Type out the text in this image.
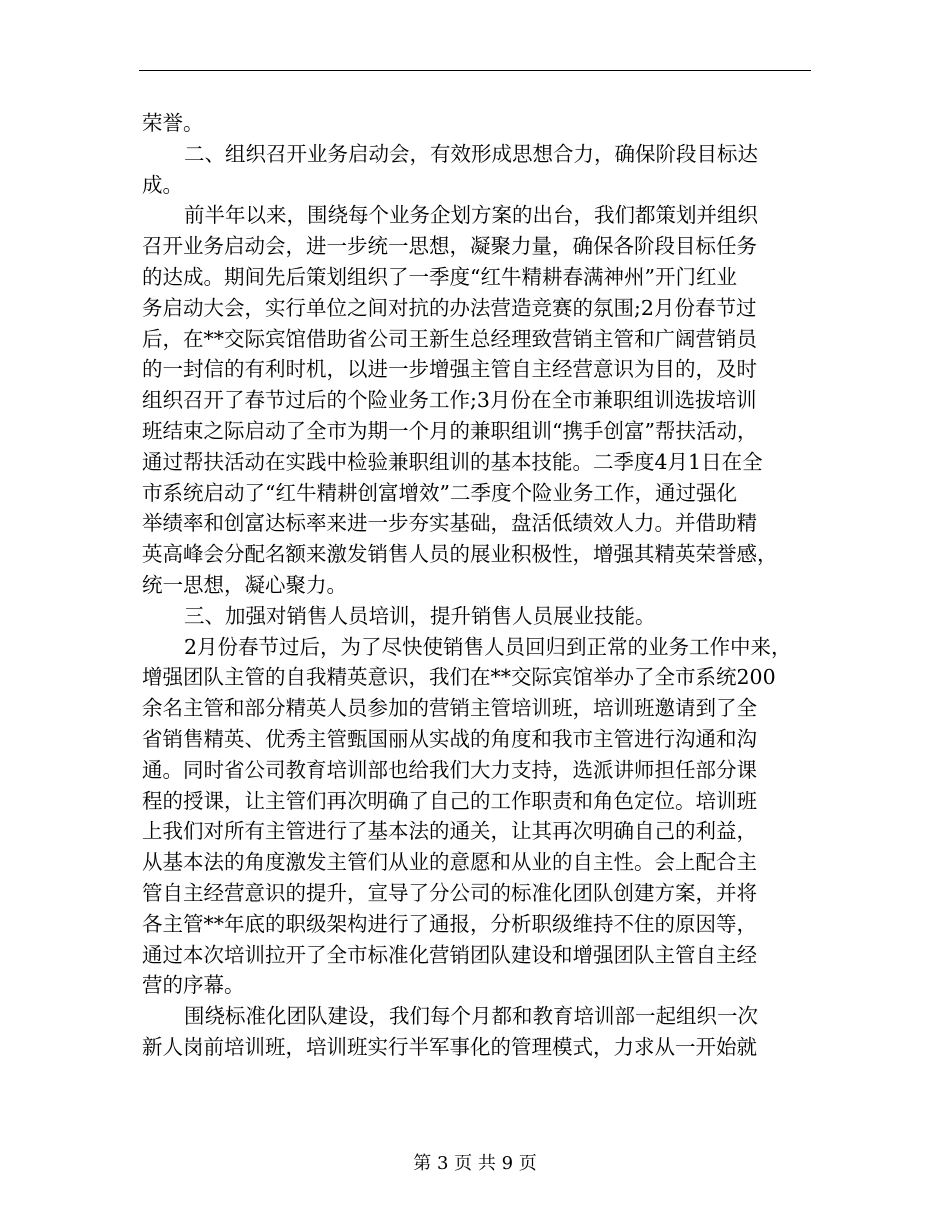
荣誉。
二、组织召开业务启动会，有效形成思想合力，确保阶段目标达
成。
前半年以来，围绕每个业务企划方案的出台，我们都策划并组织
召开业务启动会，进一步统一思想，凝聚力量，确保各阶段目标任务
的达成。期间先后策划组织了一季度“红牛精耕春满神州”开门红业
务启动大会，实行单位之间对抗的办法营造竞赛的氛围;2月份春节过
后，在**交际宾馆借助省公司王新生总经理致营销主管和广阔营销员
的一封信的有利时机，以进一步增强主管自主经营意识为目的，及时
组织召开了春节过后的个险业务工作;3月份在全市兼职组训选拔培训
班结束之际启动了全市为期一个月的兼职组训“携手创富”帮扶活动，
通过帮扶活动在实践中检验兼职组训的基本技能。二季度4月1日在全
市系统启动了“红牛精耕创富增效”二季度个险业务工作，通过强化
举绩率和创富达标率来进一步夯实基础，盘活低绩效人力。并借助精
英高峰会分配名额来激发销售人员的展业积极性，增强其精英荣誉感，
统一思想，凝心聚力。
三、加强对销售人员培训，提升销售人员展业技能。
2月份春节过后，为了尽快使销售人员回归到正常的业务工作中来，
增强团队主管的自我精英意识，我们在**交际宾馆举办了全市系统200
余名主管和部分精英人员参加的营销主管培训班，培训班邀请到了全
省销售精英、优秀主管甄国丽从实战的角度和我市主管进行沟通和沟
通。同时省公司教育培训部也给我们大力支持，选派讲师担任部分课
程的授课，让主管们再次明确了自己的工作职责和角色定位。培训班
上我们对所有主管进行了基本法的通关，让其再次明确自己的利益，
从基本法的角度激发主管们从业的意愿和从业的自主性。会上配合主
管自主经营意识的提升，宣导了分公司的标准化团队创建方案，并将
各主管**年底的职级架构进行了通报，分析职级维持不住的原因等，
通过本次培训拉开了全市标准化营销团队建设和增强团队主管自主经
营的序幕。
围绕标准化团队建设，我们每个月都和教育培训部一起组织一次
新人岗前培训班，培训班实行半军事化的管理模式，力求从一开始就
第 3 页 共 9 页
